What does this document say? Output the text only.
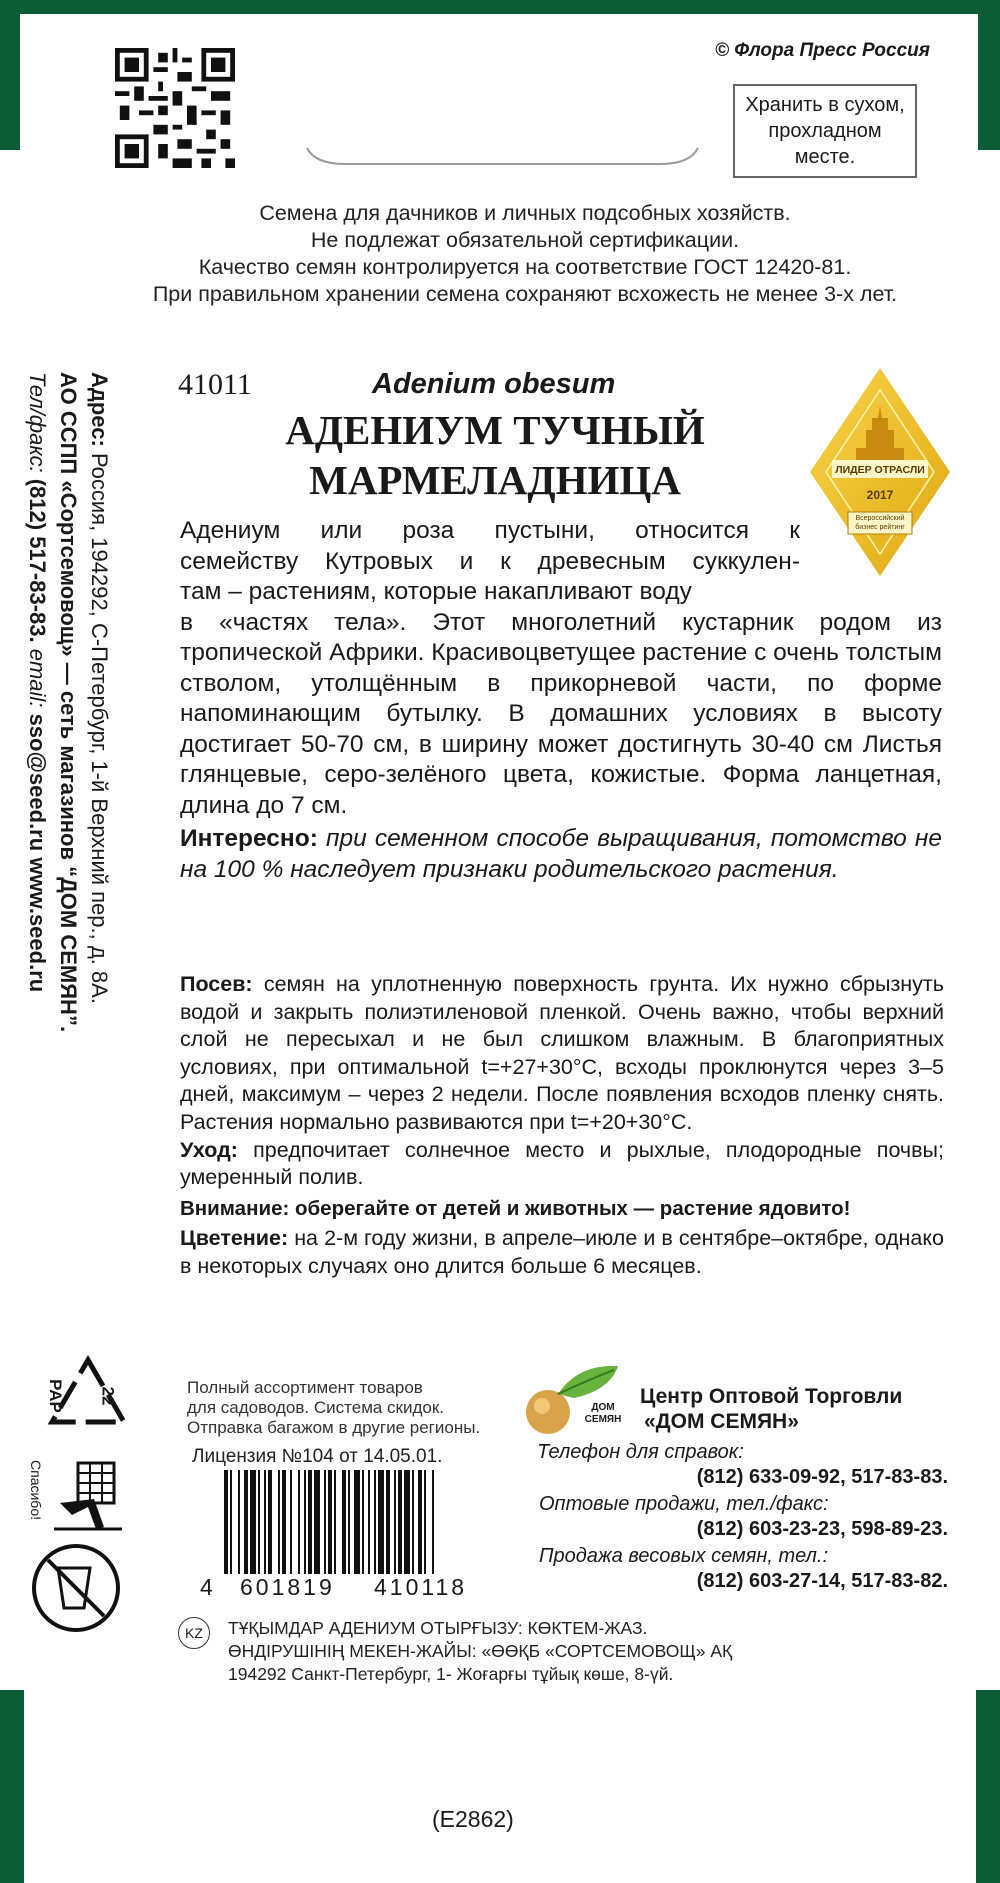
© Флора Пресс Россия
Хранить в сухом,
прохладном
месте.
Семена для дачников и личных подсобных хозяйств.
Не подлежат обязательной сертификации.
Качество семян контролируется на соответствие ГОСТ 12420-81.
При правильном хранении семена сохраняют всхожесть не менее 3-х лет.
Адрес: Россия, 194292, С-Петербург, 1-й Верхний пер., д. 8А.
АО ССПП «Сортсемовощ» — сеть магазинов “ДОМ СЕМЯН”.
Тел/факс: (812) 517-83-83. email: sso@seed.ru www.seed.ru
22
PAP
Спасибо!
41011	Adenium obesum
АДЕНИУМ ТУЧНЫЙ
МАРМЕЛАДНИЦА	ЛИДЕР ОТРАСЛИ
2017
Всероссийский
бизнес рейтинг
Адениум или роза пустыни, относится к
семейству Кутровых и к древесным суккулен-
там – растениям, которые накапливают воду

в «частях тела». Этот многолетний кустарник родом из тропической Африки. Красивоцветущее растение с очень толстым стволом, утолщённым в прикорневой части, по форме напоминающим бутылку. В домашних условиях в высоту достигает 50-70 см, в ширину может достигнуть 30-40 см Листья глянцевые, серо-зелёного цвета, кожистые. Форма ланцетная, длина до 7 см.

Интересно: при семенном способе выращивания, потомство не на 100 % наследует признаки родительского растения.

Посев: семян на уплотненную поверхность грунта. Их нужно сбрызнуть водой и закрыть полиэтиленовой пленкой. Очень важно, чтобы верхний слой не пересыхал и не был слишком влажным. В благоприятных условиях, при оптимальной t=+27+30°С, всходы проклюнутся через 3–5 дней, максимум – через 2 недели. После появления всходов пленку снять. Растения нормально развиваются при t=+20+30°С.

Уход: предпочитает солнечное место и рыхлые, плодородные почвы; умеренный полив.

Внимание: оберегайте от детей и животных — растение ядовито!

Цветение: на 2-м году жизни, в апреле–июле и в сентябре–октябре, однако в некоторых случаях оно длится больше 6 месяцев.

Полный ассортимент товаров
для садоводов. Система скидок.
Отправка багажом в другие регионы.
Лицензия №104 от 14.05.01.
4 601819 410118
ДОМ
СЕМЯН
Центр Оптовой Торговли
«ДОМ СЕМЯН»
Телефон для справок:
(812) 633-09-92, 517-83-83.
Оптовые продажи, тел./факс:
(812) 603-23-23, 598-89-23.
Продажа весовых семян, тел.:
(812) 603-27-14, 517-83-82.
KZ	ТҰҚЫМДАР АДЕНИУМ ОТЫРҒЫЗУ: КӨКТЕМ-ЖАЗ.
ӨНДІРУШІНІҢ МЕКЕН-ЖАЙЫ: «ӨӨҚБ «СОРТСЕМОВОЩ» АҚ
194292 Санкт-Петербург, 1- Жоғарғы тұйық көше, 8-үй.
(E2862)
